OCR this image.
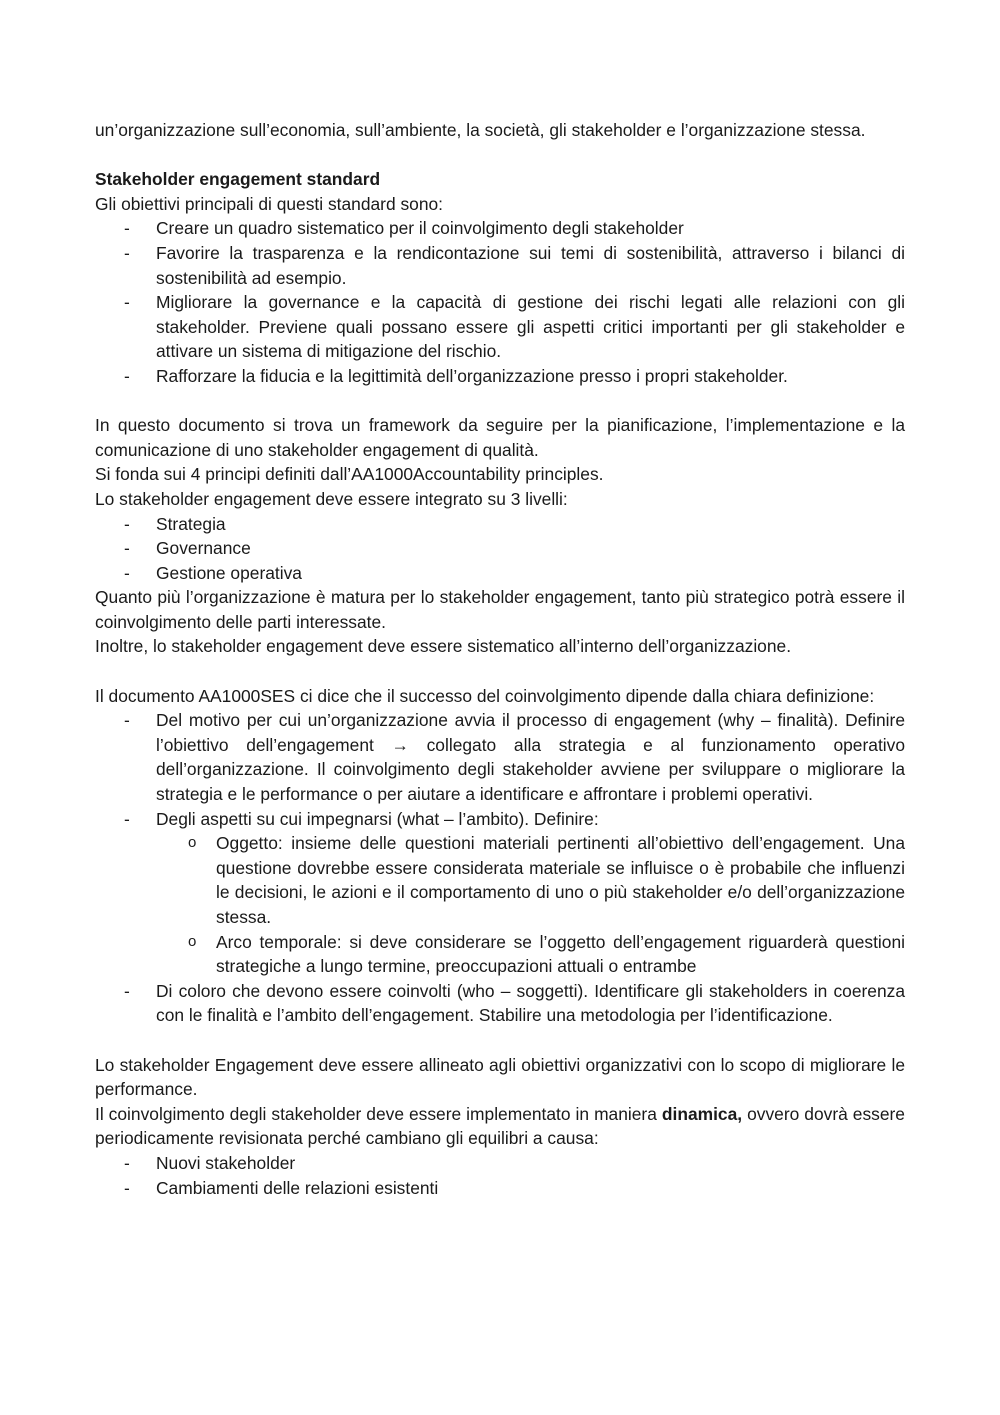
un’organizzazione sull’economia, sull’ambiente, la società, gli stakeholder e l’organizzazione stessa.

Stakeholder engagement standard

Gli obiettivi principali di questi standard sono:

- Creare un quadro sistematico per il coinvolgimento degli stakeholder
- Favorire la trasparenza e la rendicontazione sui temi di sostenibilità, attraverso i bilanci di sostenibilità ad esempio.
- Migliorare la governance e la capacità di gestione dei rischi legati alle relazioni con gli stakeholder. Previene quali possano essere gli aspetti critici importanti per gli stakeholder e attivare un sistema di mitigazione del rischio.
- Rafforzare la fiducia e la legittimità dell’organizzazione presso i propri stakeholder.

In questo documento si trova un framework da seguire per la pianificazione, l’implementazione e la comunicazione di uno stakeholder engagement di qualità.

Si fonda sui 4 principi definiti dall’AA1000Accountability principles.

Lo stakeholder engagement deve essere integrato su 3 livelli:

- Strategia
- Governance
- Gestione operativa

Quanto più l’organizzazione è matura per lo stakeholder engagement, tanto più strategico potrà essere il coinvolgimento delle parti interessate.

Inoltre, lo stakeholder engagement deve essere sistematico all’interno dell’organizzazione.

Il documento AA1000SES ci dice che il successo del coinvolgimento dipende dalla chiara definizione:

- Del motivo per cui un’organizzazione avvia il processo di engagement (why – finalità). Definire l’obiettivo dell’engagement → collegato alla strategia e al funzionamento operativo dell’organizzazione. Il coinvolgimento degli stakeholder avviene per sviluppare o migliorare la strategia e le performance o per aiutare a identificare e affrontare i problemi operativi.
- Degli aspetti su cui impegnarsi (what – l’ambito). Definire:
o Oggetto: insieme delle questioni materiali pertinenti all’obiettivo dell’engagement. Una questione dovrebbe essere considerata materiale se influisce o è probabile che influenzi le decisioni, le azioni e il comportamento di uno o più stakeholder e/o dell’organizzazione stessa.
o Arco temporale: si deve considerare se l’oggetto dell’engagement riguarderà questioni strategiche a lungo termine, preoccupazioni attuali o entrambe
- Di coloro che devono essere coinvolti (who – soggetti). Identificare gli stakeholders in coerenza con le finalità e l’ambito dell’engagement. Stabilire una metodologia per l’identificazione.

Lo stakeholder Engagement deve essere allineato agli obiettivi organizzativi con lo scopo di migliorare le performance.

Il coinvolgimento degli stakeholder deve essere implementato in maniera dinamica, ovvero dovrà essere periodicamente revisionata perché cambiano gli equilibri a causa:

- Nuovi stakeholder
- Cambiamenti delle relazioni esistenti
